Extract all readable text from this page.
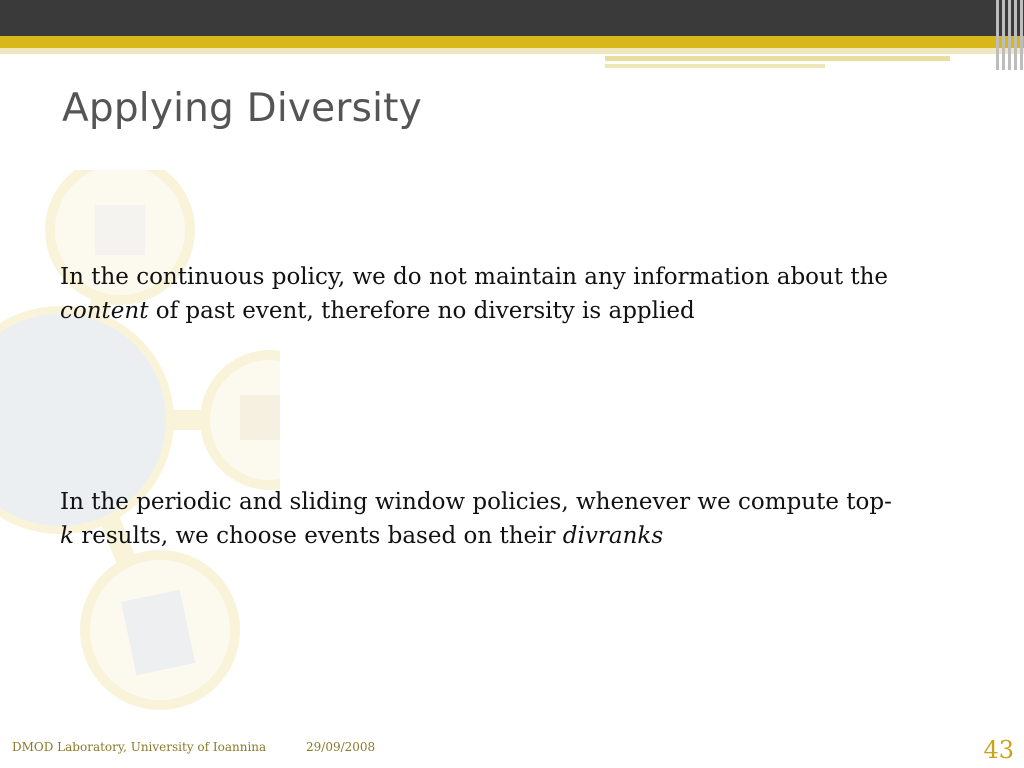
Applying Diversity

In the continuous policy, we do not maintain any information about the
content of past event, therefore no diversity is applied

In the periodic and sliding window policies, whenever we compute top-
k results, we choose events based on their divranks

DMOD Laboratory, University of Ioannina	29/09/2008	43
